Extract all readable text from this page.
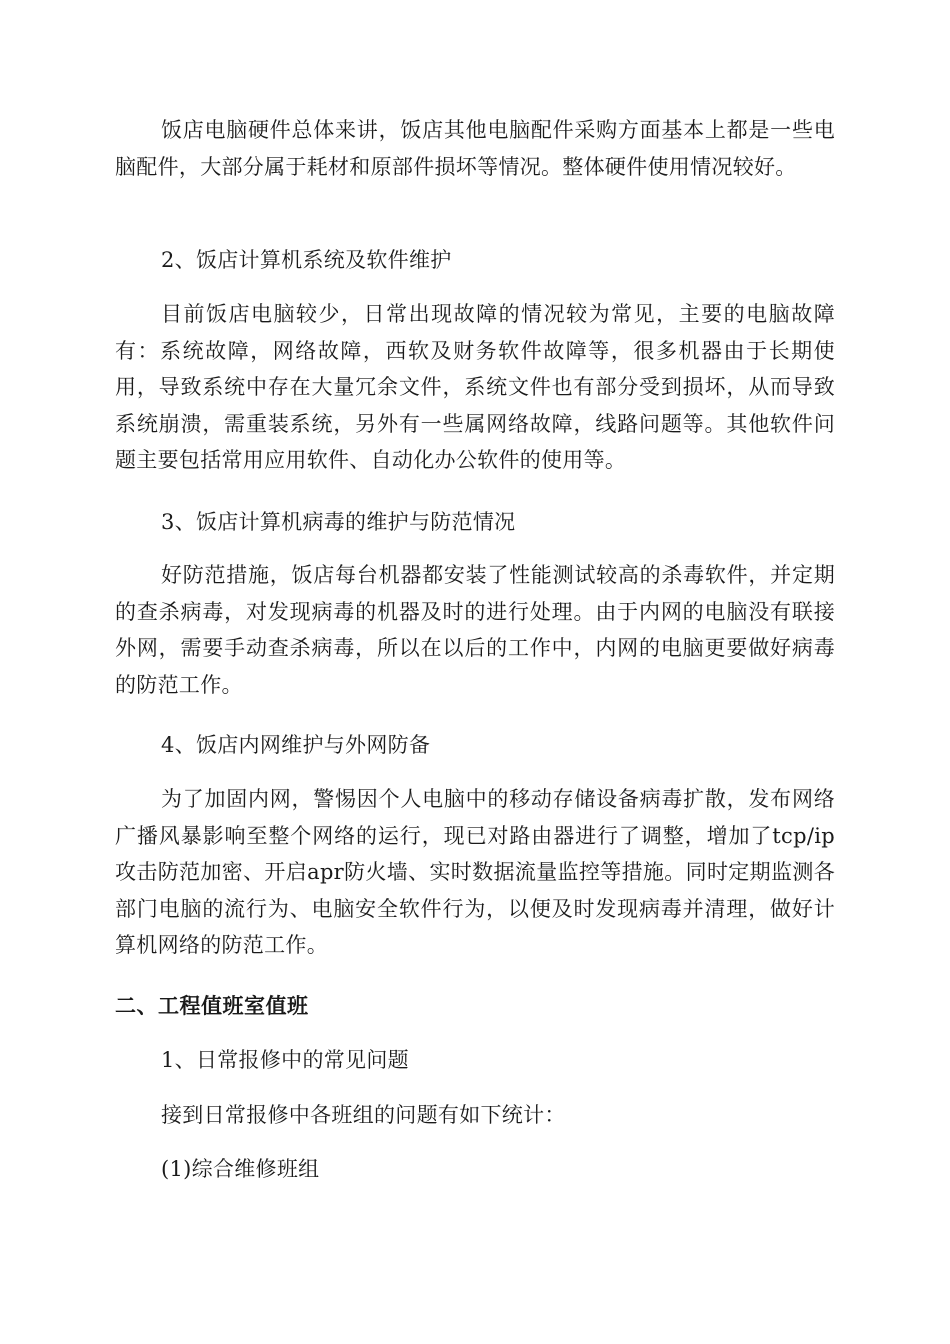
饭店电脑硬件总体来讲，饭店其他电脑配件采购方面基本上都是一些电脑配件，大部分属于耗材和原部件损坏等情况。整体硬件使用情况较好。

2、饭店计算机系统及软件维护

目前饭店电脑较少，日常出现故障的情况较为常见，主要的电脑故障有：系统故障，网络故障，西软及财务软件故障等，很多机器由于长期使用，导致系统中存在大量冗余文件，系统文件也有部分受到损坏，从而导致系统崩溃，需重装系统，另外有一些属网络故障，线路问题等。其他软件问题主要包括常用应用软件、自动化办公软件的使用等。

3、饭店计算机病毒的维护与防范情况

好防范措施，饭店每台机器都安装了性能测试较高的杀毒软件，并定期的查杀病毒，对发现病毒的机器及时的进行处理。由于内网的电脑没有联接外网，需要手动查杀病毒，所以在以后的工作中，内网的电脑更要做好病毒的防范工作。

4、饭店内网维护与外网防备

为了加固内网，警惕因个人电脑中的移动存储设备病毒扩散，发布网络广播风暴影响至整个网络的运行，现已对路由器进行了调整，增加了tcp/ip攻击防范加密、开启apr防火墙、实时数据流量监控等措施。同时定期监测各部门电脑的流行为、电脑安全软件行为，以便及时发现病毒并清理，做好计算机网络的防范工作。

二、工程值班室值班

1、日常报修中的常见问题

接到日常报修中各班组的问题有如下统计：

(1)综合维修班组
